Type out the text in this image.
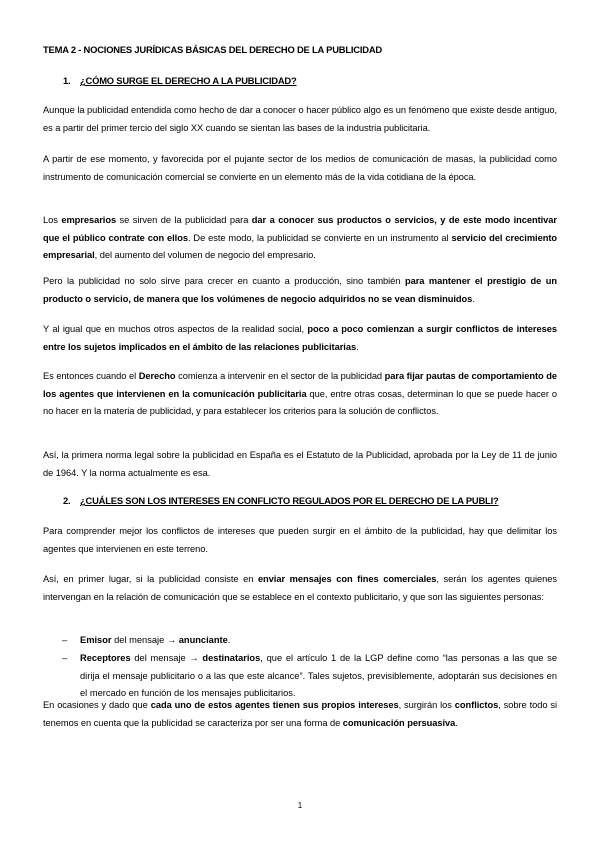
TEMA 2 - NOCIONES JURÍDICAS BÁSICAS DEL DERECHO DE LA PUBLICIDAD
1. ¿CÓMO SURGE EL DERECHO A LA PUBLICIDAD?

Aunque la publicidad entendida como hecho de dar a conocer o hacer público algo es un fenómeno que existe desde antiguo, es a partir del primer tercio del siglo XX cuando se sientan las bases de la industria publicitaria.

A partir de ese momento, y favorecida por el pujante sector de los medios de comunicación de masas, la publicidad como instrumento de comunicación comercial se convierte en un elemento más de la vida cotidiana de la época.

Los empresarios se sirven de la publicidad para dar a conocer sus productos o servicios, y de este modo incentivar que el público contrate con ellos. De este modo, la publicidad se convierte en un instrumento al servicio del crecimiento empresarial, del aumento del volumen de negocio del empresario.

Pero la publicidad no solo sirve para crecer en cuanto a producción, sino también para mantener el prestigio de un producto o servicio, de manera que los volúmenes de negocio adquiridos no se vean disminuidos.

Y al igual que en muchos otros aspectos de la realidad social, poco a poco comienzan a surgir conflictos de intereses entre los sujetos implicados en el ámbito de las relaciones publicitarias.

Es entonces cuando el Derecho comienza a intervenir en el sector de la publicidad para fijar pautas de comportamiento de los agentes que intervienen en la comunicación publicitaria que, entre otras cosas, determinan lo que se puede hacer o no hacer en la materia de publicidad, y para establecer los criterios para la solución de conflictos.

Así, la primera norma legal sobre la publicidad en España es el Estatuto de la Publicidad, aprobada por la Ley de 11 de junio de 1964. Y la norma actualmente es esa.

2. ¿CUÁLES SON LOS INTERESES EN CONFLICTO REGULADOS POR EL DERECHO DE LA PUBLI?

Para comprender mejor los conflictos de intereses que pueden surgir en el ámbito de la publicidad, hay que delimitar los agentes que intervienen en este terreno.

Así, en primer lugar, si la publicidad consiste en enviar mensajes con fines comerciales, serán los agentes quienes intervengan en la relación de comunicación que se establece en el contexto publicitario, y que son las siguientes personas:

– Emisor del mensaje → anunciante.
– Receptores del mensaje → destinatarios, que el artículo 1 de la LGP define como “las personas a las que se dirija el mensaje publicitario o a las que este alcance”. Tales sujetos, previsiblemente, adoptarán sus decisiones en el mercado en función de los mensajes publicitarios.

En ocasiones y dado que cada uno de estos agentes tienen sus propios intereses, surgirán los conflictos, sobre todo si tenemos en cuenta que la publicidad se caracteriza por ser una forma de comunicación persuasiva.

1
